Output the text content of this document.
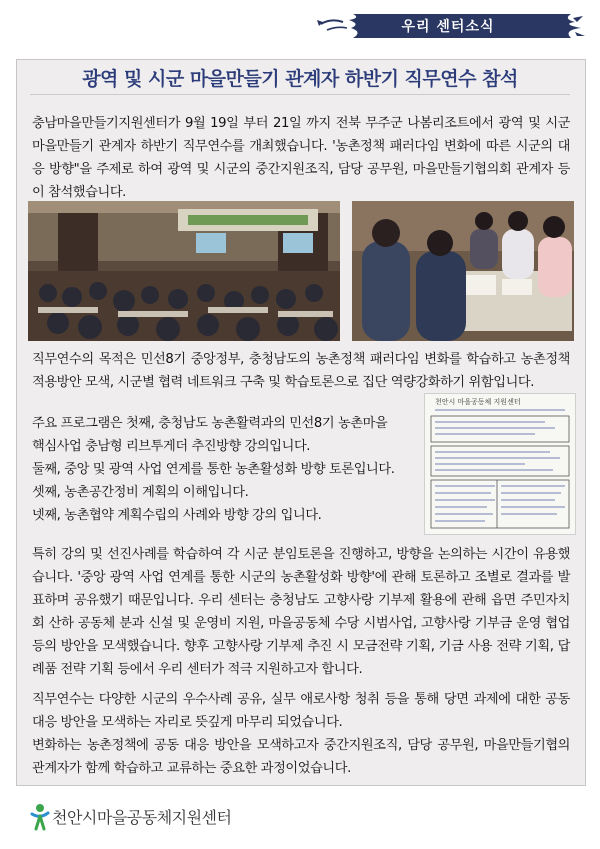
우리 센터소식
광역 및 시군 마을만들기 관계자 하반기 직무연수 참석

충남마을만들기지원센터가 9월 19일 부터 21일 까지 전북 무주군 나봄리조트에서 광역 및 시군 마을만들기 관계자 하반기 직무연수를 개최했습니다. '농촌정책 패러다임 변화에 따른 시군의 대응 방향"을 주제로 하여 광역 및 시군의 중간지원조직, 담당 공무원, 마을만들기협의회 관계자 등이 참석했습니다.

직무연수의 목적은 민선8기 중앙정부, 충청남도의 농촌정책 패러다임 변화를 학습하고 농촌정책 적용방안 모색, 시군별 협력 네트워크 구축 및 학습토론으로 집단 역량강화하기 위함입니다.

주요 프로그램은 첫째, 충청남도 농촌활력과의 민선8기 농촌마을
핵심사업 충남형 리브투게더 추진방향 강의입니다.
둘째, 중앙 및 광역 사업 연계를 통한 농촌활성화 방향 토론입니다.
셋째, 농촌공간정비 계획의 이해입니다.
넷째, 농촌협약 계획수립의 사례와 방향 강의 입니다.
천안시 마을공동체 지원센터

특히 강의 및 선진사례를 학습하여 각 시군 분임토론을 진행하고, 방향을 논의하는 시간이 유용했습니다. '중앙 광역 사업 연계를 통한 시군의 농촌활성화 방향'에 관해 토론하고 조별로 결과를 발표하며 공유했기 때문입니다. 우리 센터는 충청남도 고향사랑 기부제 활용에 관해 읍면 주민자치회 산하 공동체 분과 신설 및 운영비 지원, 마을공동체 수당 시범사업, 고향사랑 기부금 운영 협업 등의 방안을 모색했습니다. 향후 고향사랑 기부제 추진 시 모금전략 기획, 기금 사용 전략 기획, 답례품 전략 기획 등에서 우리 센터가 적극 지원하고자 합니다.

직무연수는 다양한 시군의 우수사례 공유, 실무 애로사항 청취 등을 통해 당면 과제에 대한 공동 대응 방안을 모색하는 자리로 뜻깊게 마무리 되었습니다.

변화하는 농촌정책에 공동 대응 방안을 모색하고자 중간지원조직, 담당 공무원, 마을만들기협의 관계자가 함께 학습하고 교류하는 중요한 과정이었습니다.

천안시마을공동체지원센터
